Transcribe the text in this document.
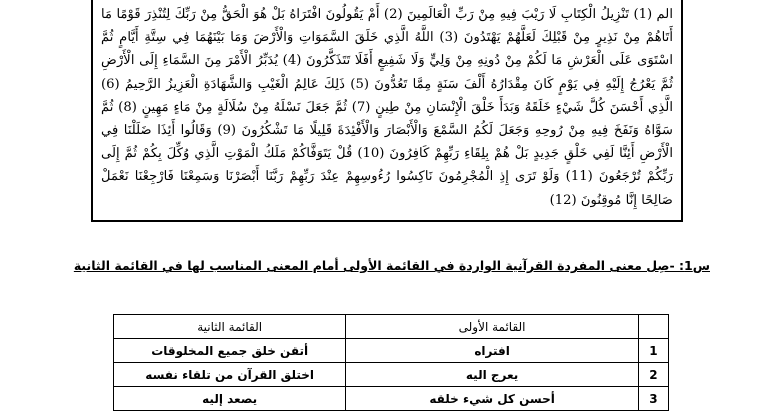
الم (1) تَنْزِيلُ الْكِتَابِ لَا رَيْبَ فِيهِ مِنْ رَبِّ الْعَالَمِينَ (2) أَمْ يَقُولُونَ افْتَرَاهُ بَلْ هُوَ الْحَقُّ مِنْ رَبِّكَ لِتُنْذِرَ قَوْمًا مَا أَتَاهُمْ مِنْ نَذِيرٍ مِنْ قَبْلِكَ لَعَلَّهُمْ يَهْتَدُونَ (3) اللَّهُ الَّذِي خَلَقَ السَّمَوَاتِ وَالْأَرْضَ وَمَا بَيْنَهُمَا فِي سِتَّةِ أَيَّامٍ ثُمَّ اسْتَوَى عَلَى الْعَرْشِ مَا لَكُمْ مِنْ دُونِهِ مِنْ وَلِيٍّ وَلَا شَفِيعٍ أَفَلَا تَتَذَكَّرُونَ (4) يُدَبِّرُ الْأَمْرَ مِنَ السَّمَاءِ إِلَى الْأَرْضِ ثُمَّ يَعْرُجُ إِلَيْهِ فِي يَوْمٍ كَانَ مِقْدَارُهُ أَلْفَ سَنَةٍ مِمَّا تَعُدُّونَ (5) ذَلِكَ عَالِمُ الْغَيْبِ وَالشَّهَادَةِ الْعَزِيزُ الرَّحِيمُ (6) الَّذِي أَحْسَنَ كُلَّ شَيْءٍ خَلَقَهُ وَبَدَأَ خَلْقَ الْإِنْسَانِ مِنْ طِينٍ (7) ثُمَّ جَعَلَ نَسْلَهُ مِنْ سُلَالَةٍ مِنْ مَاءٍ مَهِينٍ (8) ثُمَّ سَوَّاهُ وَنَفَخَ فِيهِ مِنْ رُوحِهِ وَجَعَلَ لَكُمُ السَّمْعَ وَالْأَبْصَارَ وَالْأَفْئِدَةَ قَلِيلًا مَا تَشْكُرُونَ (9) وَقَالُوا أَئِذَا ضَلَلْنَا فِي الْأَرْضِ أَئِنَّا لَفِي خَلْقٍ جَدِيدٍ بَلْ هُمْ بِلِقَاءِ رَبِّهِمْ كَافِرُونَ (10) قُلْ يَتَوَفَّاكُمْ مَلَكُ الْمَوْتِ الَّذِي وُكِّلَ بِكُمْ ثُمَّ إِلَى رَبِّكُمْ تُرْجَعُونَ (11) وَلَوْ تَرَى إِذِ الْمُجْرِمُونَ نَاكِسُوا رُءُوسِهِمْ عِنْدَ رَبِّهِمْ رَبَّنَا أَبْصَرْنَا وَسَمِعْنَا فَارْجِعْنَا نَعْمَلْ صَالِحًا إِنَّا مُوقِنُونَ (12)

س1: -صِل معنى المفردة القرآنية الواردة في القائمة الأولى أمام المعنى المناسب لها في القائمة الثانية
	القائمة الأولى	القائمة الثانية
1	افتراه	أتقن خلق جميع المخلوقات
2	يعرج اليه	اختلق القرآن من تلقاء نفسه
3	أحسن كل شيء خلقه	يصعد إليه
